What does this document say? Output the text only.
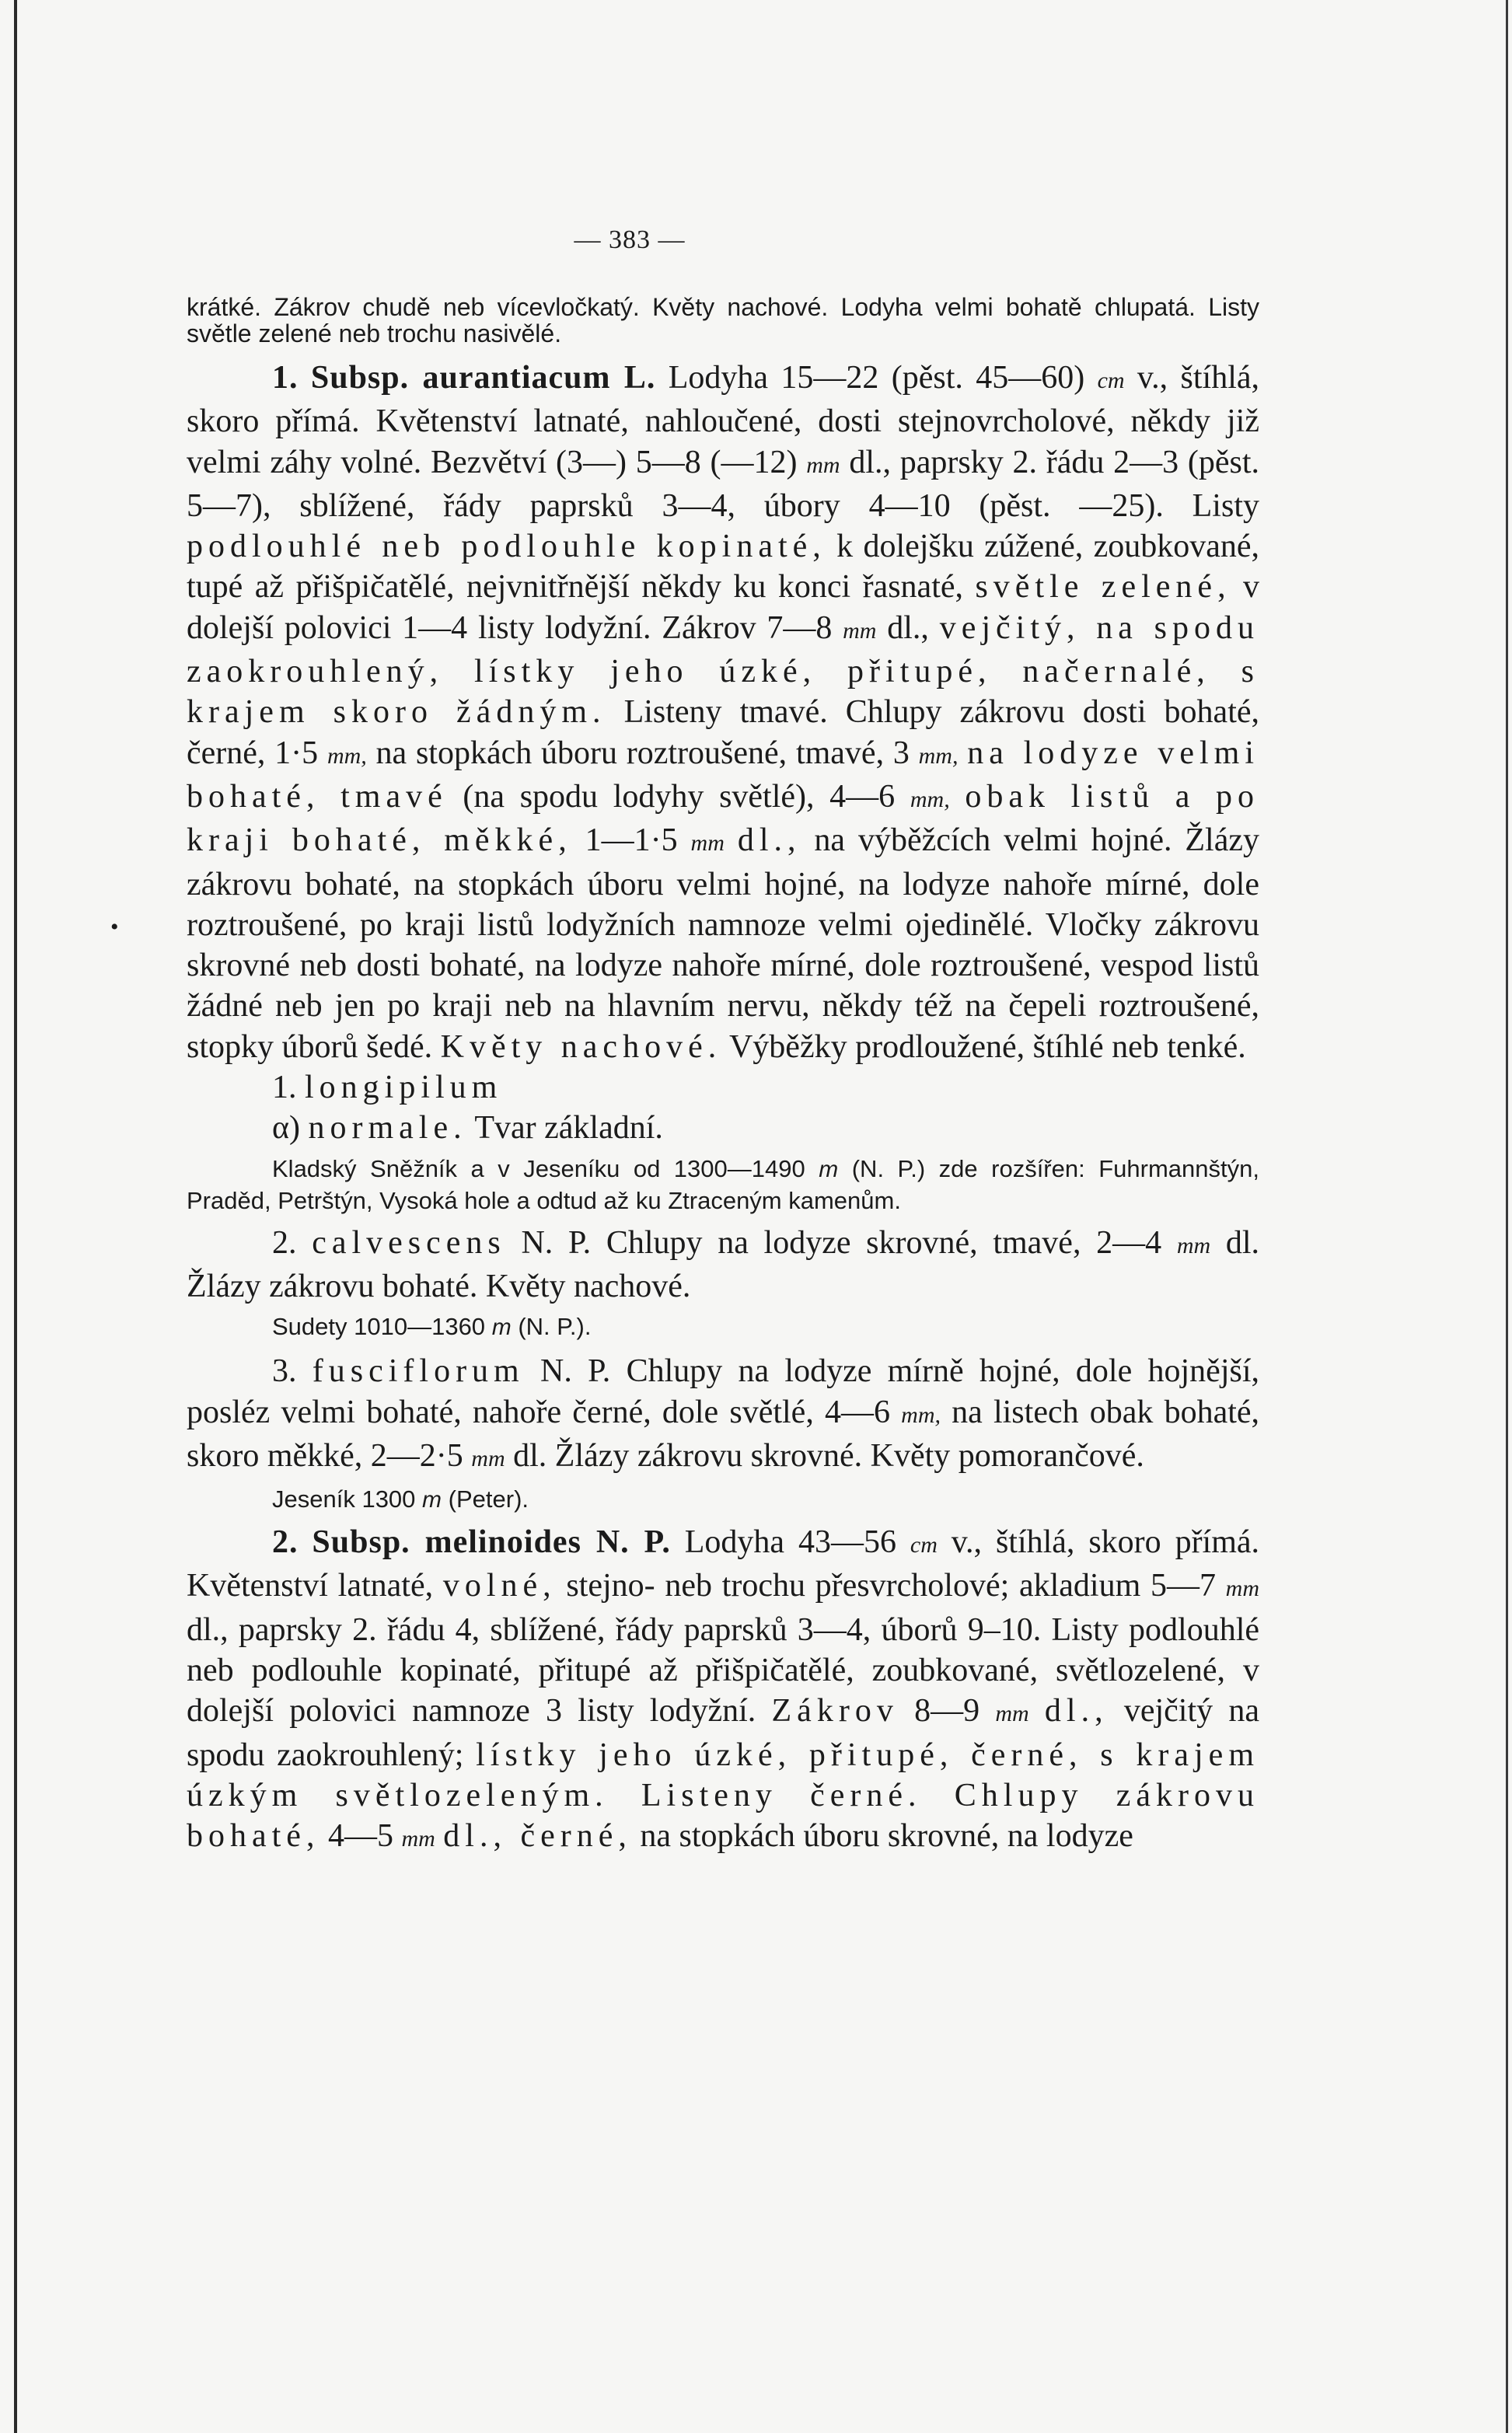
•
— 383 —

krátké. Zákrov chudě neb vícevločkatý. Květy nachové. Lodyha velmi bohatě chlupatá. Listy světle zelené neb trochu nasivělé.

1. Subsp. aurantiacum L. Lodyha 15—22 (pěst. 45—60) cm v., štíhlá, skoro přímá. Květenství latnaté, nahloučené, dosti stejnovrcholové, někdy již velmi záhy volné. Bezvětví (3—) 5—8 (—12) mm dl., paprsky 2. řádu 2—3 (pěst. 5—7), sblížené, řády paprsků 3—4, úbory 4—10 (pěst. —25). Listy podlouhlé neb podlouhle kopinaté, k dolejšku zúžené, zoubkované, tupé až přišpičatělé, nejvnitřnější někdy ku konci řasnaté, světle zelené, v dolejší polovici 1—4 listy lodyžní. Zákrov 7—8 mm dl., vejčitý, na spodu zaokrouhlený, lístky jeho úzké, přitupé, načernalé, s krajem skoro žádným. Listeny tmavé. Chlupy zákrovu dosti bohaté, černé, 1·5 mm, na stopkách úboru roztroušené, tmavé, 3 mm, na lodyze velmi bohaté, tmavé (na spodu lodyhy světlé), 4—6 mm, obak listů a po kraji bohaté, měkké, 1—1·5 mm dl., na výběžcích velmi hojné. Žlázy zákrovu bohaté, na stopkách úboru velmi hojné, na lodyze nahoře mírné, dole roztroušené, po kraji listů lodyžních namnoze velmi ojedinělé. Vločky zákrovu skrovné neb dosti bohaté, na lodyze nahoře mírné, dole roztroušené, vespod listů žádné neb jen po kraji neb na hlavním nervu, někdy též na čepeli roztroušené, stopky úborů šedé. Květy nachové. Výběžky prodloužené, štíhlé neb tenké.

1. longipilum

α) normale. Tvar základní.

Kladský Sněžník a v Jeseníku od 1300—1490 m (N. P.) zde rozšířen: Fuhrmannštýn, Praděd, Petrštýn, Vysoká hole a odtud až ku Ztraceným kamenům.

2. calvescens N. P. Chlupy na lodyze skrovné, tmavé, 2—4 mm dl. Žlázy zákrovu bohaté. Květy nachové.

Sudety 1010—1360 m (N. P.).

3. fusciflorum N. P. Chlupy na lodyze mírně hojné, dole hojnější, posléz velmi bohaté, nahoře černé, dole světlé, 4—6 mm, na listech obak bohaté, skoro měkké, 2—2·5 mm dl. Žlázy zákrovu skrovné. Květy pomorančové.

Jeseník 1300 m (Peter).

2. Subsp. melinoides N. P. Lodyha 43—56 cm v., štíhlá, skoro přímá. Květenství latnaté, volné, stejno- neb trochu přesvrcholové; akladium 5—7 mm dl., paprsky 2. řádu 4, sblížené, řády paprsků 3—4, úborů 9–10. Listy podlouhlé neb podlouhle kopinaté, přitupé až přišpičatělé, zoubkované, světlozelené, v dolejší polovici namnoze 3 listy lodyžní. Zákrov 8—9 mm dl., vejčitý na spodu zaokrouhlený; lístky jeho úzké, přitupé, černé, s krajem úzkým světlozeleným. Listeny černé. Chlupy zákrovu bohaté, 4—5 mm dl., černé, na stopkách úboru skrovné, na lodyze
